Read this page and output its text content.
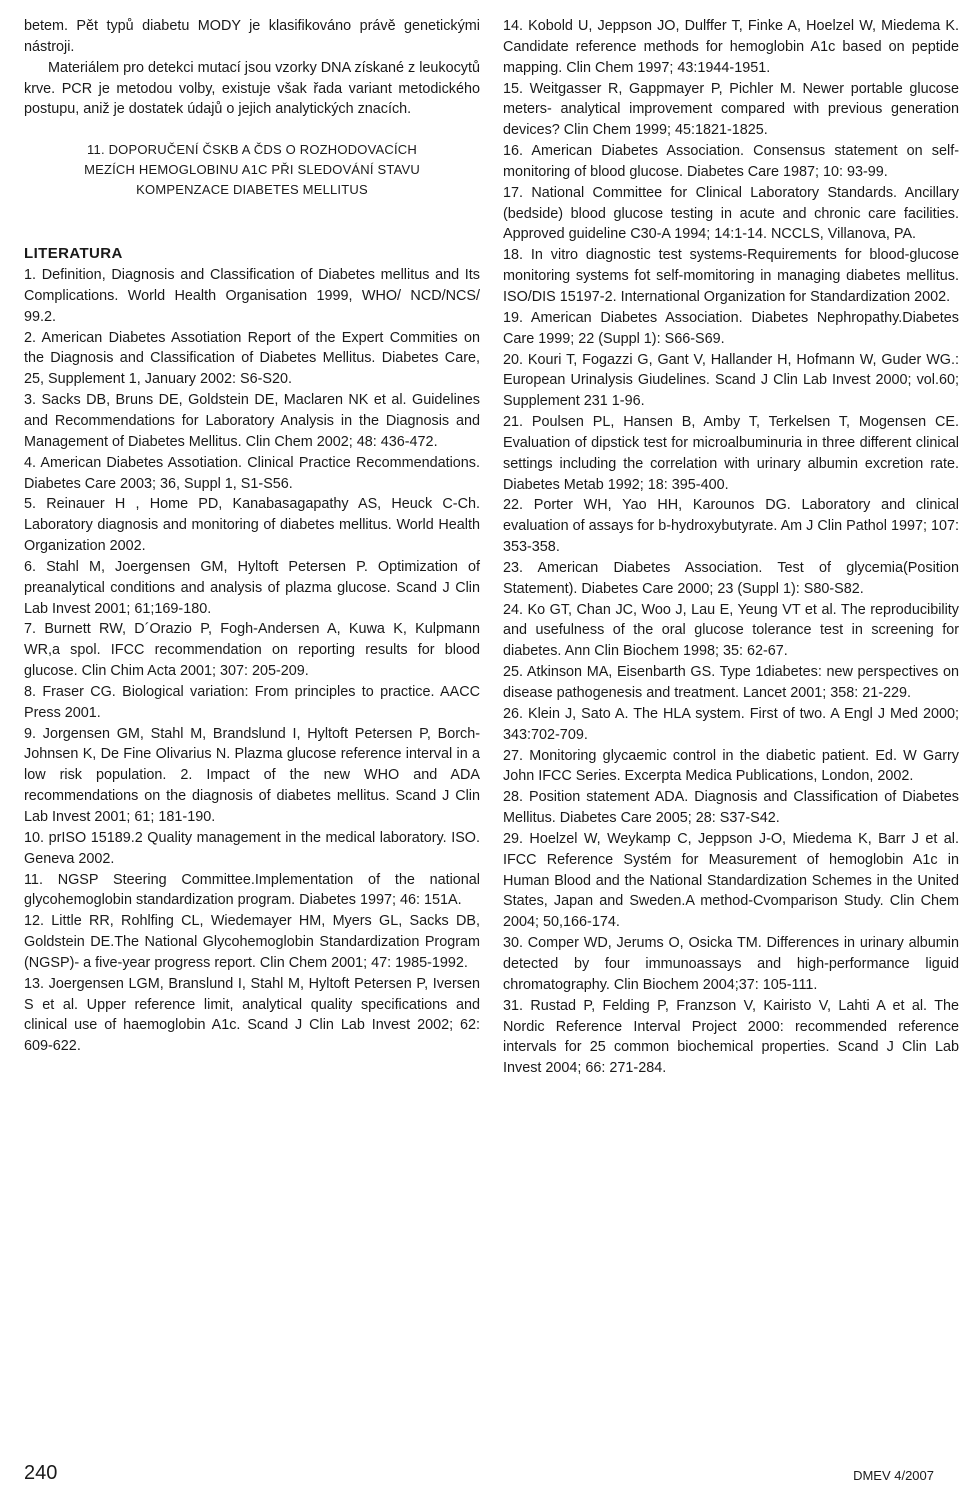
betem. Pět typů diabetu MODY je klasifikováno právě genetickými nástroji.

Materiálem pro detekci mutací jsou vzorky DNA získané z leukocytů krve. PCR je metodou volby, existuje však řada variant metodického postupu, aniž je dostatek údajů o jejich analytických znacích.

11. DOPORUČENÍ ČSKB A ČDS O ROZHODOVACÍCH MEZÍCH HEMOGLOBINU A1C PŘI SLEDOVÁNÍ STAVU KOMPENZACE DIABETES MELLITUS
LITERATURA

1. Definition, Diagnosis and Classification of Diabetes mellitus and Its Complications. World Health Organisation 1999, WHO/ NCD/NCS/ 99.2.

2. American Diabetes Assotiation Report of the Expert Commities on the Diagnosis and Classification of Diabetes Mellitus. Diabetes Care, 25, Supplement 1, January 2002: S6-S20.

3. Sacks DB, Bruns DE, Goldstein DE, Maclaren NK et al. Guidelines and Recommendations for Laboratory Analysis in the Diagnosis and Management of Diabetes Mellitus. Clin Chem 2002; 48: 436-472.

4. American Diabetes Assotiation. Clinical Practice Recommendations. Diabetes Care 2003; 36, Suppl 1, S1-S56.

5. Reinauer H , Home PD, Kanabasagapathy AS, Heuck C-Ch. Laboratory diagnosis and monitoring of diabetes mellitus. World Health Organization 2002.

6. Stahl M, Joergensen GM, Hyltoft Petersen P. Optimization of preanalytical conditions and analysis of plazma glucose. Scand J Clin Lab Invest 2001; 61;169-180.

7. Burnett RW, D´Orazio P, Fogh-Andersen A, Kuwa K, Kulpmann WR,a spol. IFCC recommendation on reporting results for blood glucose. Clin Chim Acta 2001; 307: 205-209.

8. Fraser CG. Biological variation: From principles to practice. AACC Press 2001.

9. Jorgensen GM, Stahl M, Brandslund I, Hyltoft Petersen P, Borch-Johnsen K, De Fine Olivarius N. Plazma glucose reference interval in a low risk population. 2. Impact of the new WHO and ADA recommendations on the diagnosis of diabetes mellitus. Scand J Clin Lab Invest 2001; 61; 181-190.

10. prISO 15189.2 Quality management in the medical laboratory. ISO. Geneva 2002.

11. NGSP Steering Committee.Implementation of the national glycohemoglobin standardization program. Diabetes 1997; 46: 151A.

12. Little RR, Rohlfing CL, Wiedemayer HM, Myers GL, Sacks DB, Goldstein DE.The National Glycohemoglobin Standardization Program (NGSP)- a five-year progress report. Clin Chem 2001; 47: 1985-1992.

13. Joergensen LGM, Branslund I, Stahl M, Hyltoft Petersen P, Iversen S et al. Upper reference limit, analytical quality specifications and clinical use of haemoglobin A1c. Scand J Clin Lab Invest 2002; 62: 609-622.

14. Kobold U, Jeppson JO, Dulffer T, Finke A, Hoelzel W, Miedema K. Candidate reference methods for hemoglobin A1c based on peptide mapping. Clin Chem 1997; 43:1944-1951.

15. Weitgasser R, Gappmayer P, Pichler M. Newer portable glucose meters- analytical improvement compared with previous generation devices? Clin Chem 1999; 45:1821-1825.

16. American Diabetes Association. Consensus statement on self-monitoring of blood glucose. Diabetes Care 1987; 10: 93-99.

17. National Committee for Clinical Laboratory Standards. Ancillary (bedside) blood glucose testing in acute and chronic care facilities. Approved guideline C30-A 1994; 14:1-14. NCCLS, Villanova, PA.

18. In vitro diagnostic test systems-Requirements for blood-glucose monitoring systems fot self-momitoring in managing diabetes mellitus. ISO/DIS 15197-2. International Organization for Standardization 2002.

19. American Diabetes Association. Diabetes Nephropathy.Diabetes Care 1999; 22 (Suppl 1): S66-S69.

20. Kouri T, Fogazzi G, Gant V, Hallander H, Hofmann W, Guder WG.: European Urinalysis Giudelines. Scand J Clin Lab Invest 2000; vol.60; Supplement 231 1-96.

21. Poulsen PL, Hansen B, Amby T, Terkelsen T, Mogensen CE. Evaluation of dipstick test for microalbuminuria in three different clinical settings including the correlation with urinary albumin excretion rate. Diabetes Metab 1992; 18: 395-400.

22. Porter WH, Yao HH, Karounos DG. Laboratory and clinical evaluation of assays for b-hydroxybutyrate. Am J Clin Pathol 1997; 107: 353-358.

23. American Diabetes Association. Test of glycemia(Position Statement). Diabetes Care 2000; 23 (Suppl 1): S80-S82.

24. Ko GT, Chan JC, Woo J, Lau E, Yeung VT et al. The reproducibility and usefulness of the oral glucose tolerance test in screening for diabetes. Ann Clin Biochem 1998; 35: 62-67.

25. Atkinson MA, Eisenbarth GS. Type 1diabetes: new perspectives on disease pathogenesis and treatment. Lancet 2001; 358: 21-229.

26. Klein J, Sato A. The HLA system. First of two. A Engl J Med 2000; 343:702-709.

27. Monitoring glycaemic control in the diabetic patient. Ed. W Garry John IFCC Series. Excerpta Medica Publications, London, 2002.

28. Position statement ADA. Diagnosis and Classification of Diabetes Mellitus. Diabetes Care 2005; 28: S37-S42.

29. Hoelzel W, Weykamp C, Jeppson J-O, Miedema K, Barr J et al. IFCC Reference Systém for Measurement of hemoglobin A1c in Human Blood and the National Standardization Schemes in the United States, Japan and Sweden.A method-Cvomparison Study. Clin Chem 2004; 50,166-174.

30. Comper WD, Jerums O, Osicka TM. Differences in urinary albumin detected by four immunoassays and high-performance liguid chromatography. Clin Biochem 2004;37: 105-111.

31. Rustad P, Felding P, Franzson V, Kairisto V, Lahti A et al. The Nordic Reference Interval Project 2000: recommended reference intervals for 25 common biochemical properties. Scand J Clin Lab Invest 2004; 66: 271-284.

240	DMEV 4/2007
